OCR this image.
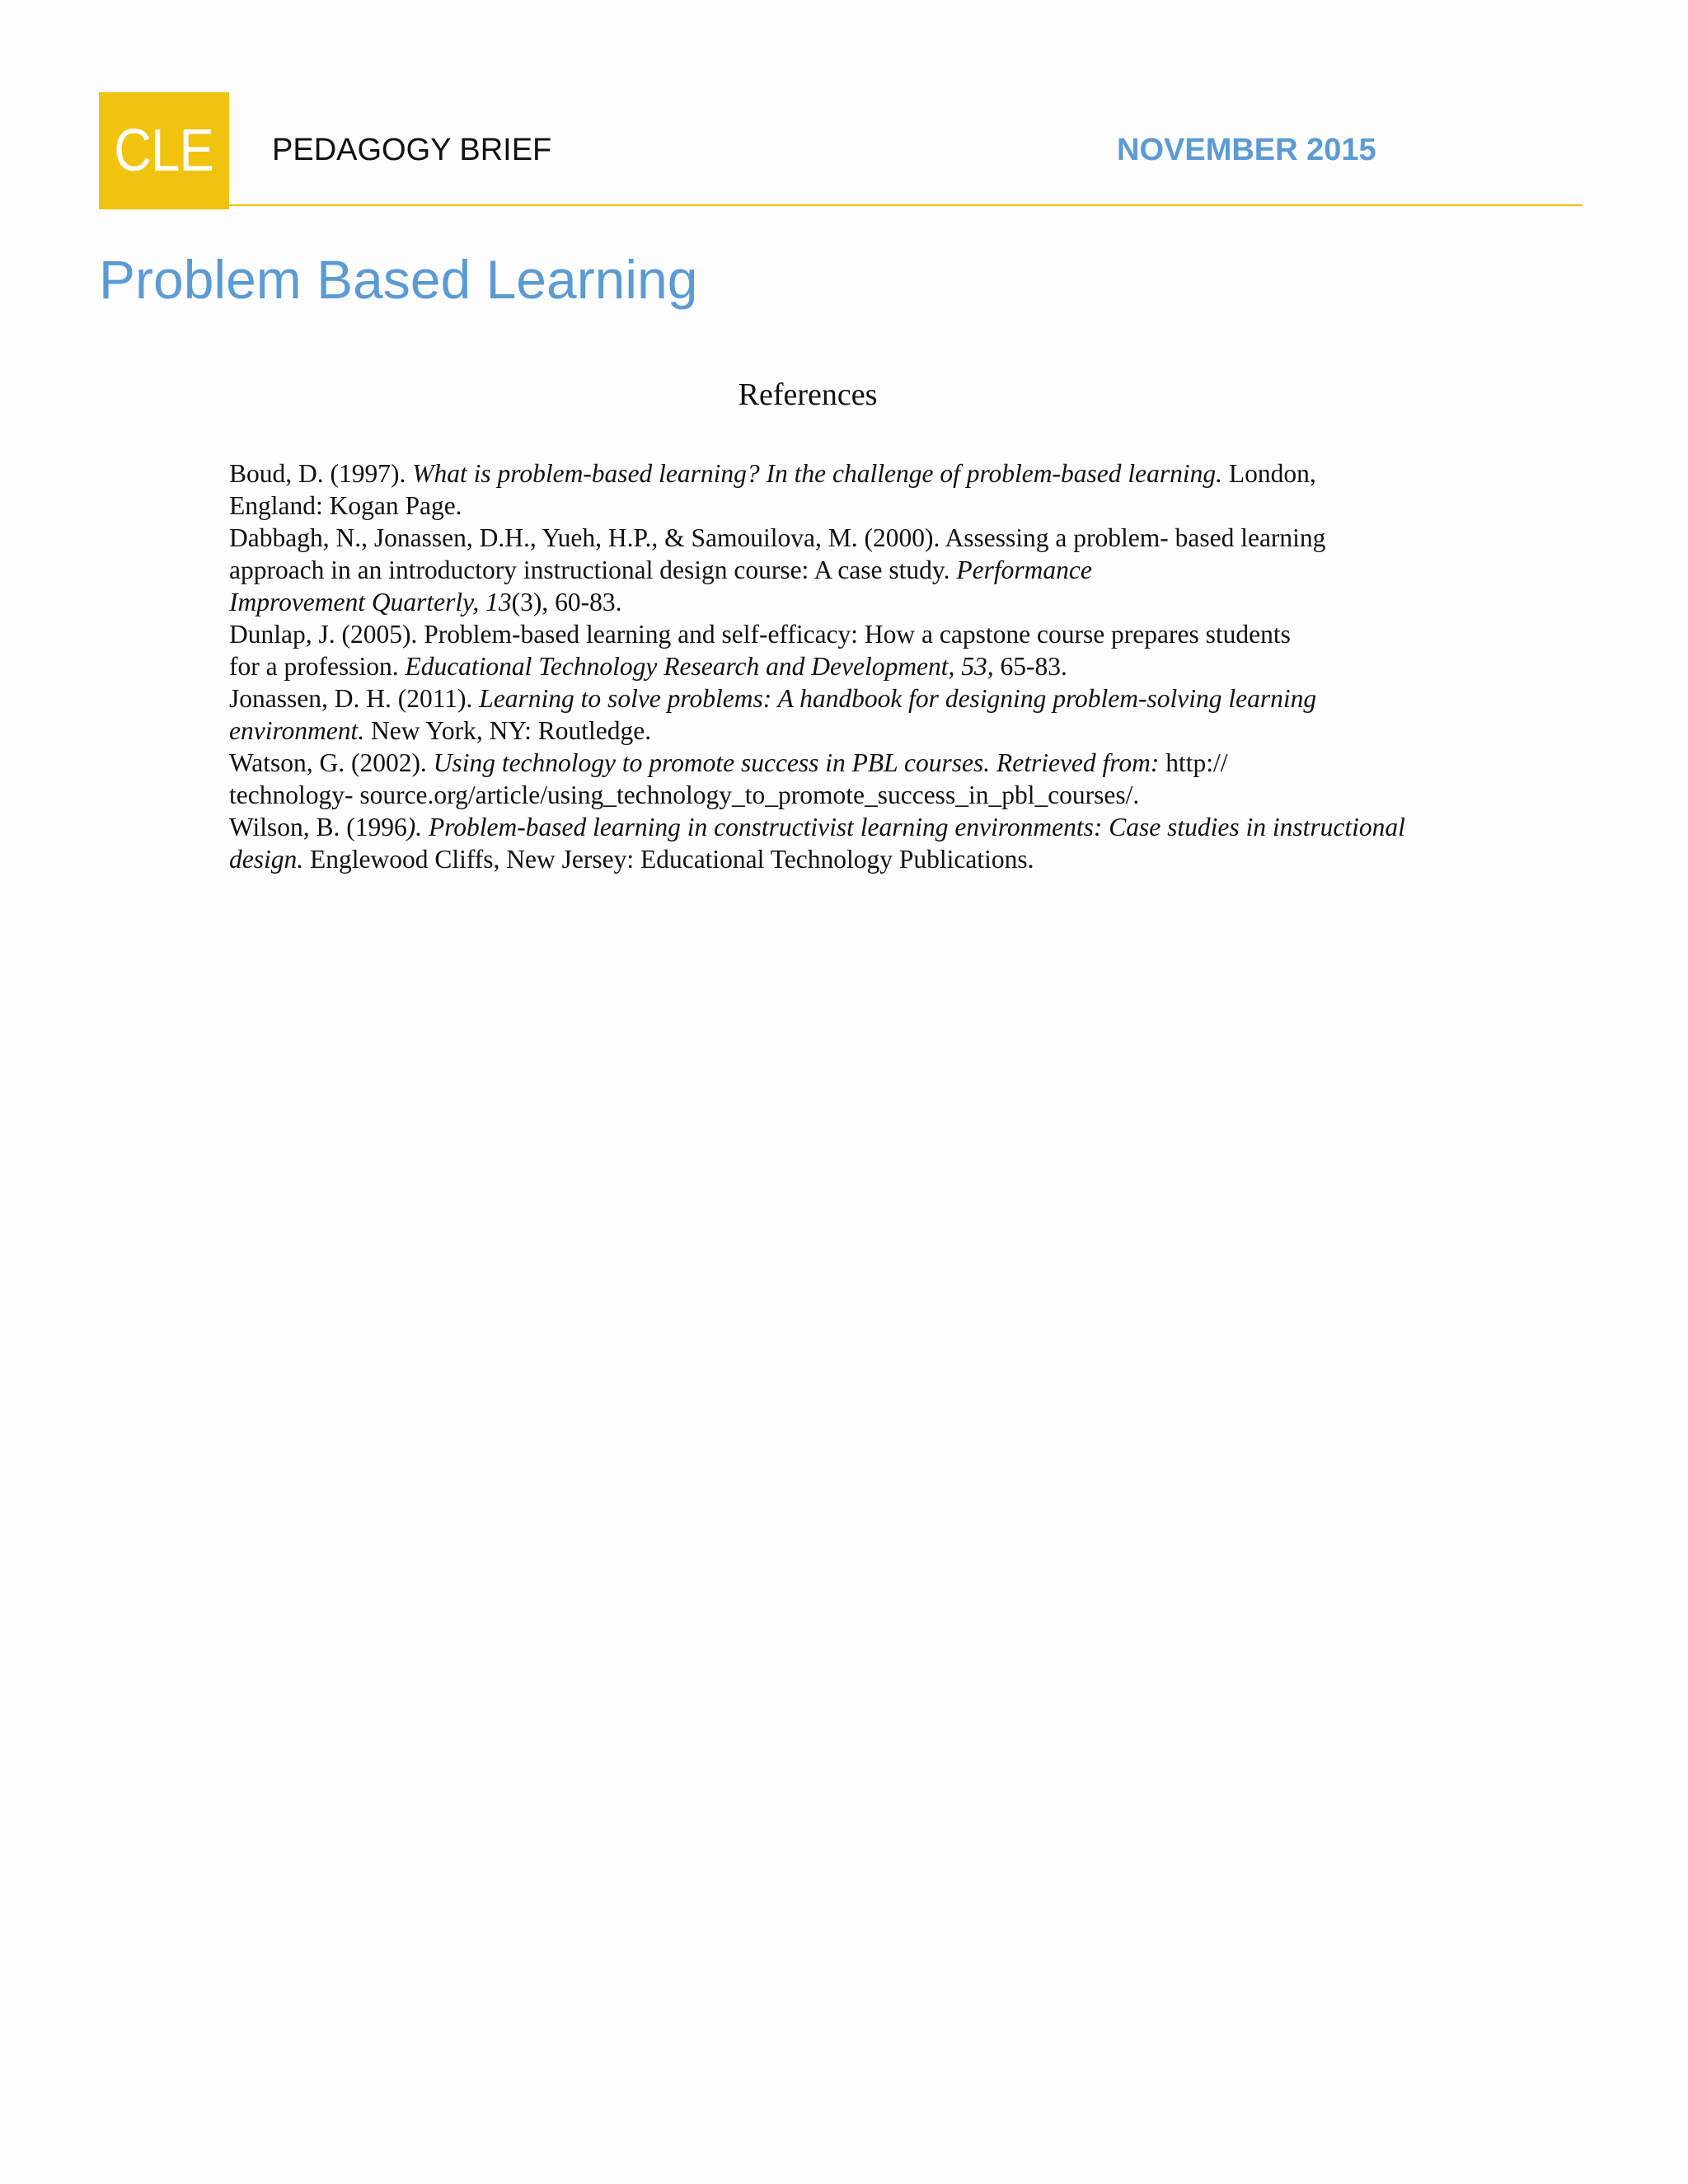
CLE PEDAGOGY BRIEF	NOVEMBER 2015
Problem Based Learning
References
Boud, D. (1997). What is problem-based learning? In the challenge of problem-based learning. London,
England: Kogan Page.
Dabbagh, N., Jonassen, D.H., Yueh, H.P., & Samouilova, M. (2000). Assessing a problem- based learning
approach in an introductory instructional design course: A case study. Performance
Improvement Quarterly, 13(3), 60-83.
Dunlap, J. (2005). Problem-based learning and self-efficacy: How a capstone course prepares students
for a profession. Educational Technology Research and Development, 53, 65-83.
Jonassen, D. H. (2011). Learning to solve problems: A handbook for designing problem-solving learning
environment. New York, NY: Routledge.
Watson, G. (2002). Using technology to promote success in PBL courses. Retrieved from: http://
technology- source.org/article/using_technology_to_promote_success_in_pbl_courses/.
Wilson, B. (1996). Problem-based learning in constructivist learning environments: Case studies in instructional
design. Englewood Cliffs, New Jersey: Educational Technology Publications.
